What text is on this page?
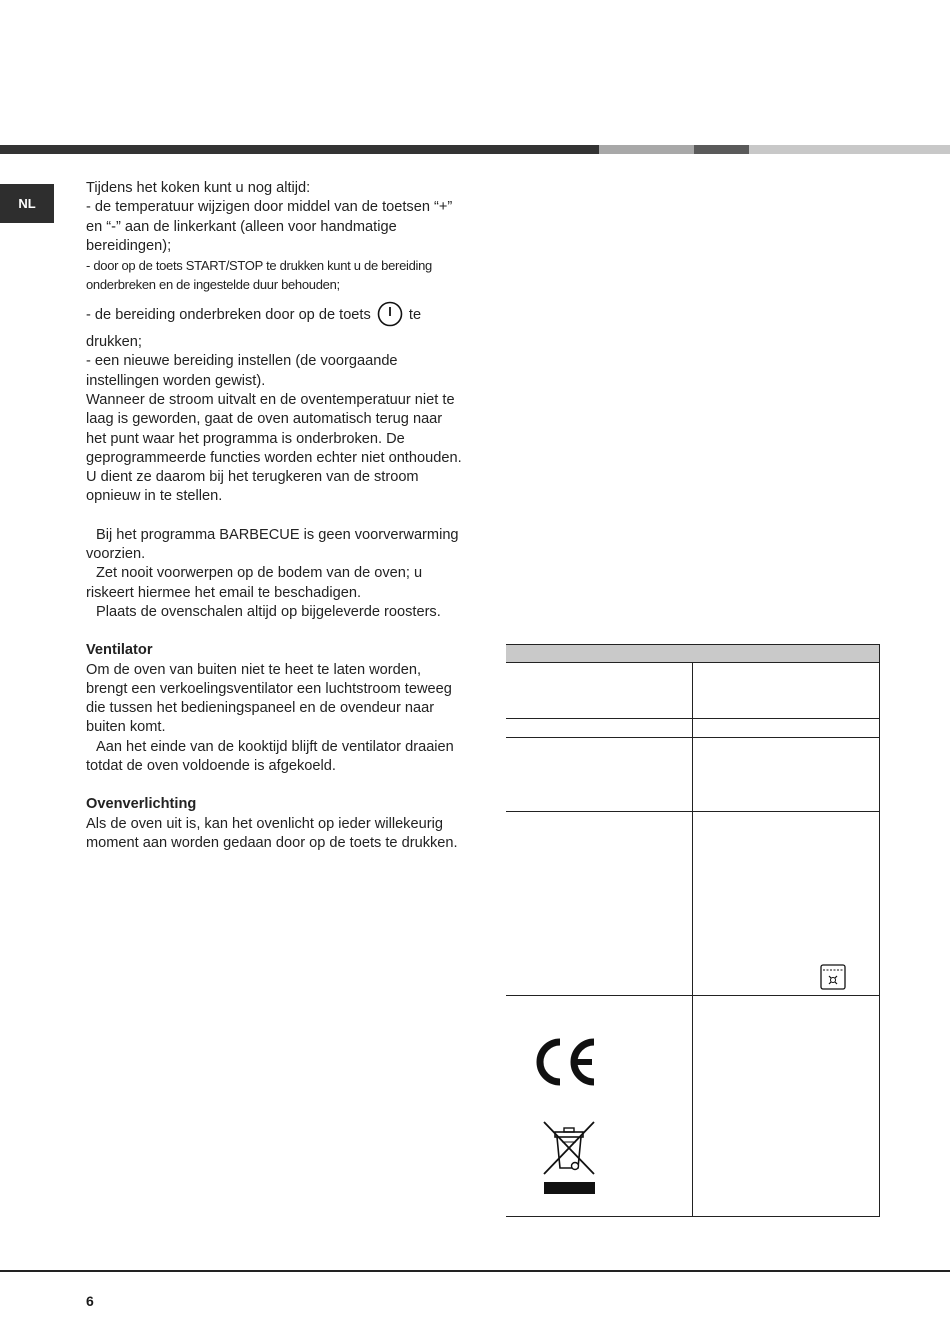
NL

Tijdens het koken kunt u nog altijd:

- de temperatuur wijzigen door middel van de toetsen “+” en “-” aan de linkerkant (alleen voor handmatige bereidingen);

- door op de toets START/STOP te drukken kunt u de bereiding onderbreken en de ingestelde duur behouden;

- de bereiding onderbreken door op de toets	te drukken;

- een nieuwe bereiding instellen (de voorgaande instellingen worden gewist).

Wanneer de stroom uitvalt en de oventemperatuur niet te laag is geworden, gaat de oven automatisch terug naar het punt waar het programma is onderbroken. De geprogrammeerde functies worden echter niet onthouden. U dient ze daarom bij het terugkeren van de stroom opnieuw in te stellen.

Bij het programma BARBECUE is geen voorverwarming voorzien.

Zet nooit voorwerpen op de bodem van de oven; u riskeert hiermee het email te beschadigen.

Plaats de ovenschalen altijd op bijgeleverde roosters.

Ventilator

Om de oven van buiten niet te heet te laten worden, brengt een verkoelingsventilator een luchtstroom teweeg die tussen het bedieningspaneel en de ovendeur naar buiten komt.

Aan het einde van de kooktijd blijft de ventilator draaien totdat de oven voldoende is afgekoeld.

Ovenverlichting

Als de oven uit is, kan het ovenlicht op ieder willekeurig moment aan worden gedaan door op de toets te drukken.

6
